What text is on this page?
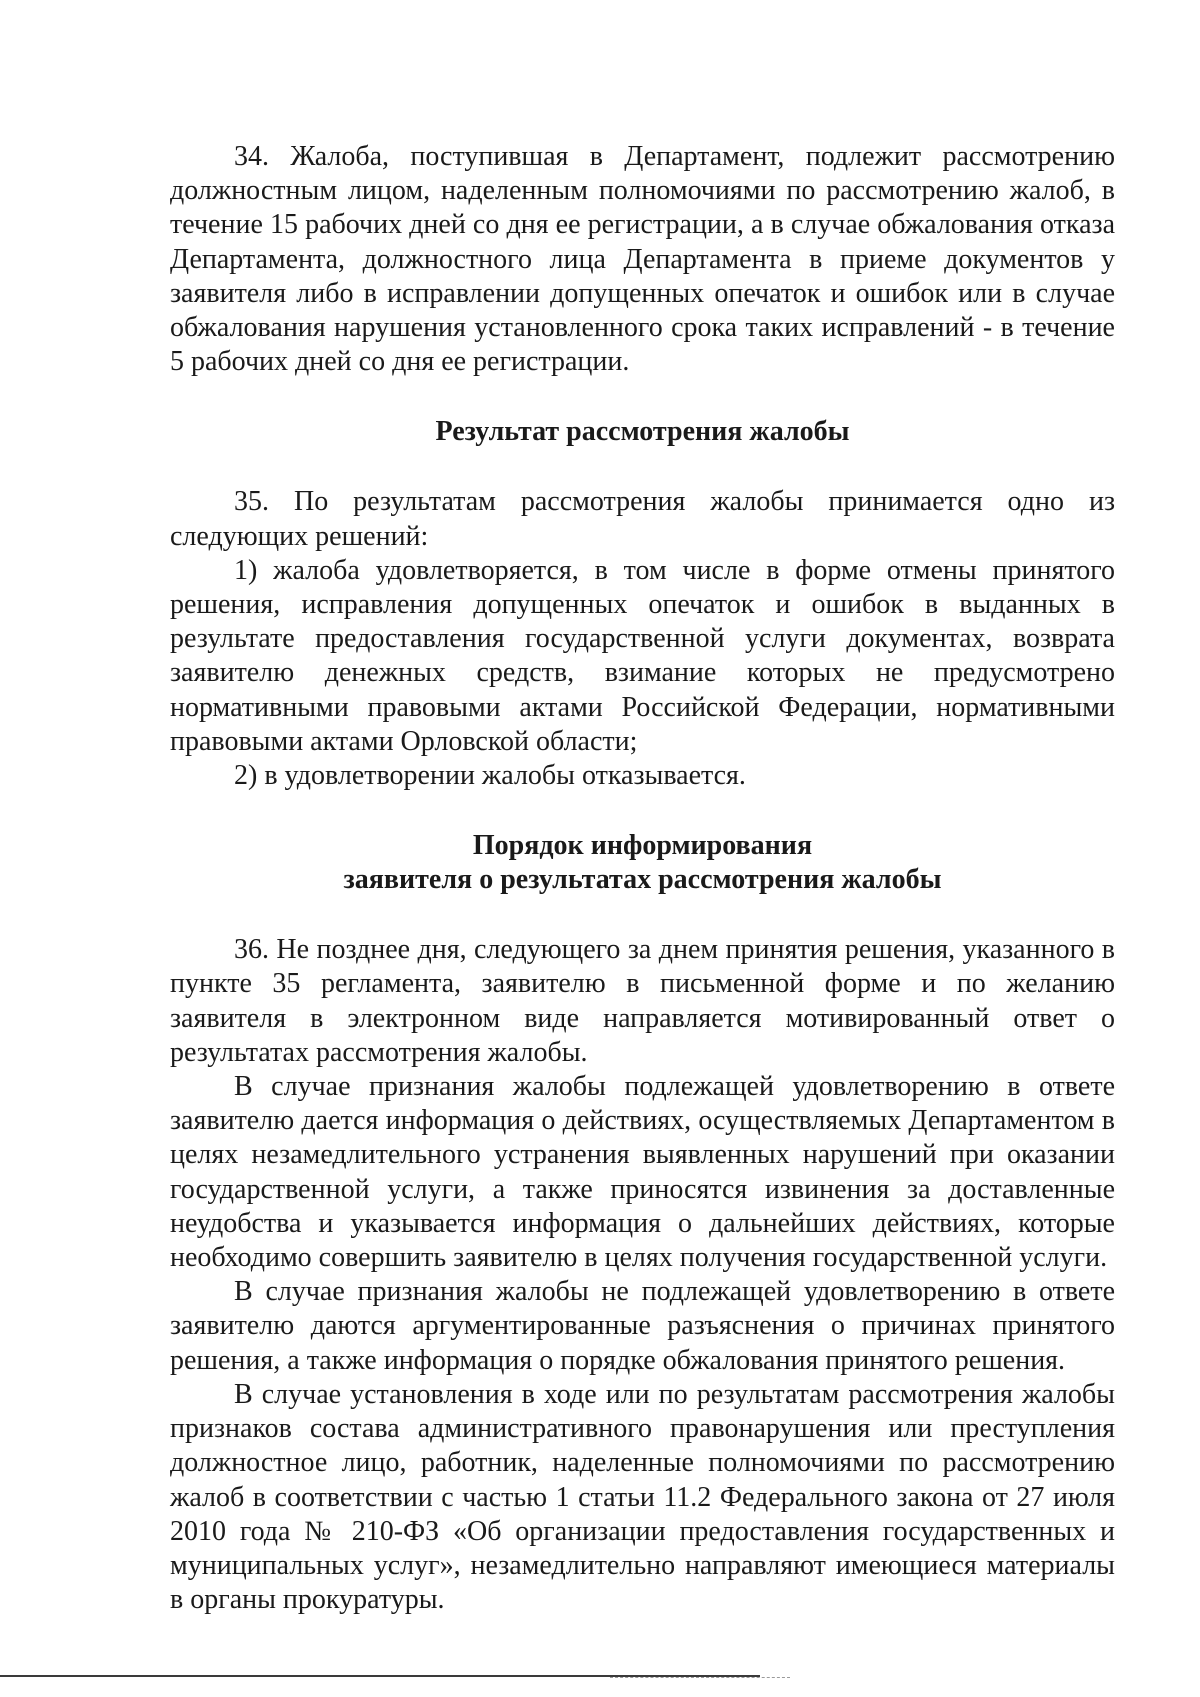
34. Жалоба, поступившая в Департамент, подлежит рассмотрению должностным лицом, наделенным полномочиями по рассмотрению жалоб, в течение 15 рабочих дней со дня ее регистрации, а в случае обжалования отказа Департамента, должностного лица Департамента в приеме документов у заявителя либо в исправлении допущенных опечаток и ошибок или в случае обжалования нарушения установленного срока таких исправлений - в течение 5 рабочих дней со дня ее регистрации.

Результат рассмотрения жалобы

35. По результатам рассмотрения жалобы принимается одно из следующих решений:

1) жалоба удовлетворяется, в том числе в форме отмены принятого решения, исправления допущенных опечаток и ошибок в выданных в результате предоставления государственной услуги документах, возврата заявителю денежных средств, взимание которых не предусмотрено нормативными правовыми актами Российской Федерации, нормативными правовыми актами Орловской области;

2) в удовлетворении жалобы отказывается.

Порядок информирования

заявителя о результатах рассмотрения жалобы

36. Не позднее дня, следующего за днем принятия решения, указанного в пункте 35 регламента, заявителю в письменной форме и по желанию заявителя в электронном виде направляется мотивированный ответ о результатах рассмотрения жалобы.

В случае признания жалобы подлежащей удовлетворению в ответе заявителю дается информация о действиях, осуществляемых Департаментом в целях незамедлительного устранения выявленных нарушений при оказании государственной услуги, а также приносятся извинения за доставленные неудобства и указывается информация о дальнейших действиях, которые необходимо совершить заявителю в целях получения государственной услуги.

В случае признания жалобы не подлежащей удовлетворению в ответе заявителю даются аргументированные разъяснения о причинах принятого решения, а также информация о порядке обжалования принятого решения.

В случае установления в ходе или по результатам рассмотрения жалобы признаков состава административного правонарушения или преступления должностное лицо, работник, наделенные полномочиями по рассмотрению жалоб в соответствии с частью 1 статьи 11.2 Федерального закона от 27 июля 2010 года № 210-ФЗ «Об организации предоставления государственных и муниципальных услуг», незамедлительно направляют имеющиеся материалы в органы прокуратуры.
